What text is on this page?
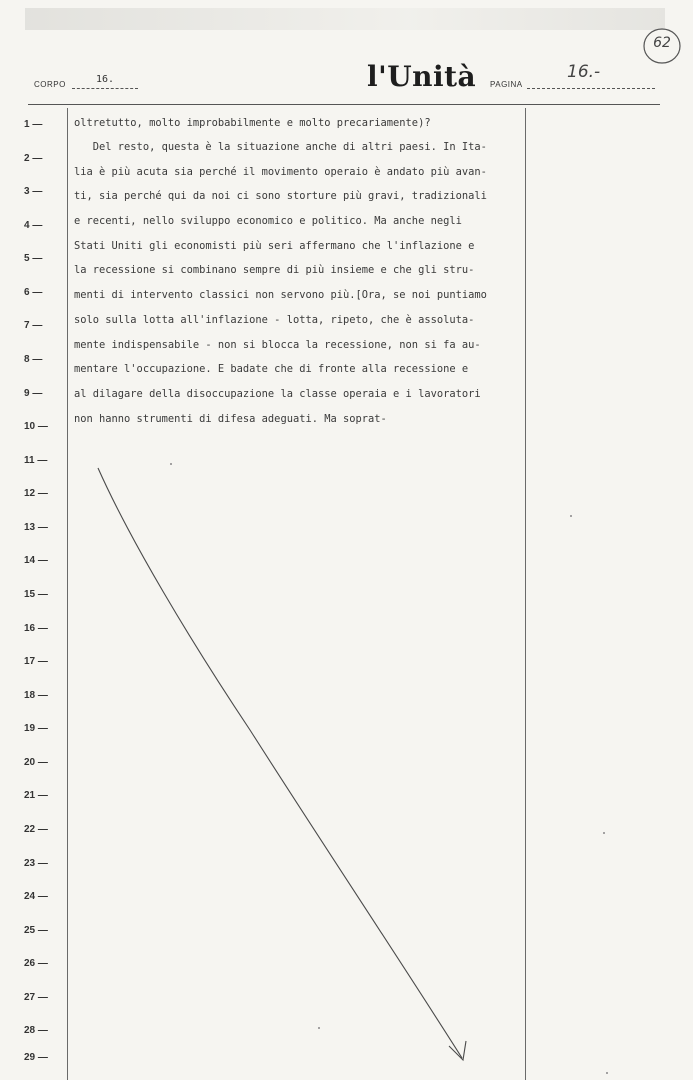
CORPO	16.	l'Unità PAGINA
16.-
62
1 —
2 —
3 —
4 —
5 —
6 —
7 —
8 —
9 —
10 —
11 —
12 —
13 —
14 —
15 —
16 —
17 —
18 —
19 —
20 —
21 —
22 —
23 —
24 —
25 —
26 —
27 —
28 —
29 —
oltretutto, molto improbabilmente e molto precariamente)?
Del resto, questa è la situazione anche di altri paesi. In Ita-
lia è più acuta sia perché il movimento operaio è andato più avan-
ti, sia perché qui da noi ci sono storture più gravi, tradizionali
e recenti, nello sviluppo economico e politico. Ma anche negli
Stati Uniti gli economisti più seri affermano che l'inflazione e
la recessione si combinano sempre di più insieme e che gli stru-
menti di intervento classici non servono più.[Ora, se noi puntiamo
solo sulla lotta all'inflazione - lotta, ripeto, che è assoluta-
mente indispensabile - non si blocca la recessione, non si fa au-
mentare l'occupazione. E badate che di fronte alla recessione e
al dilagare della disoccupazione la classe operaia e i lavoratori
non hanno strumenti di difesa adeguati. Ma soprat-
